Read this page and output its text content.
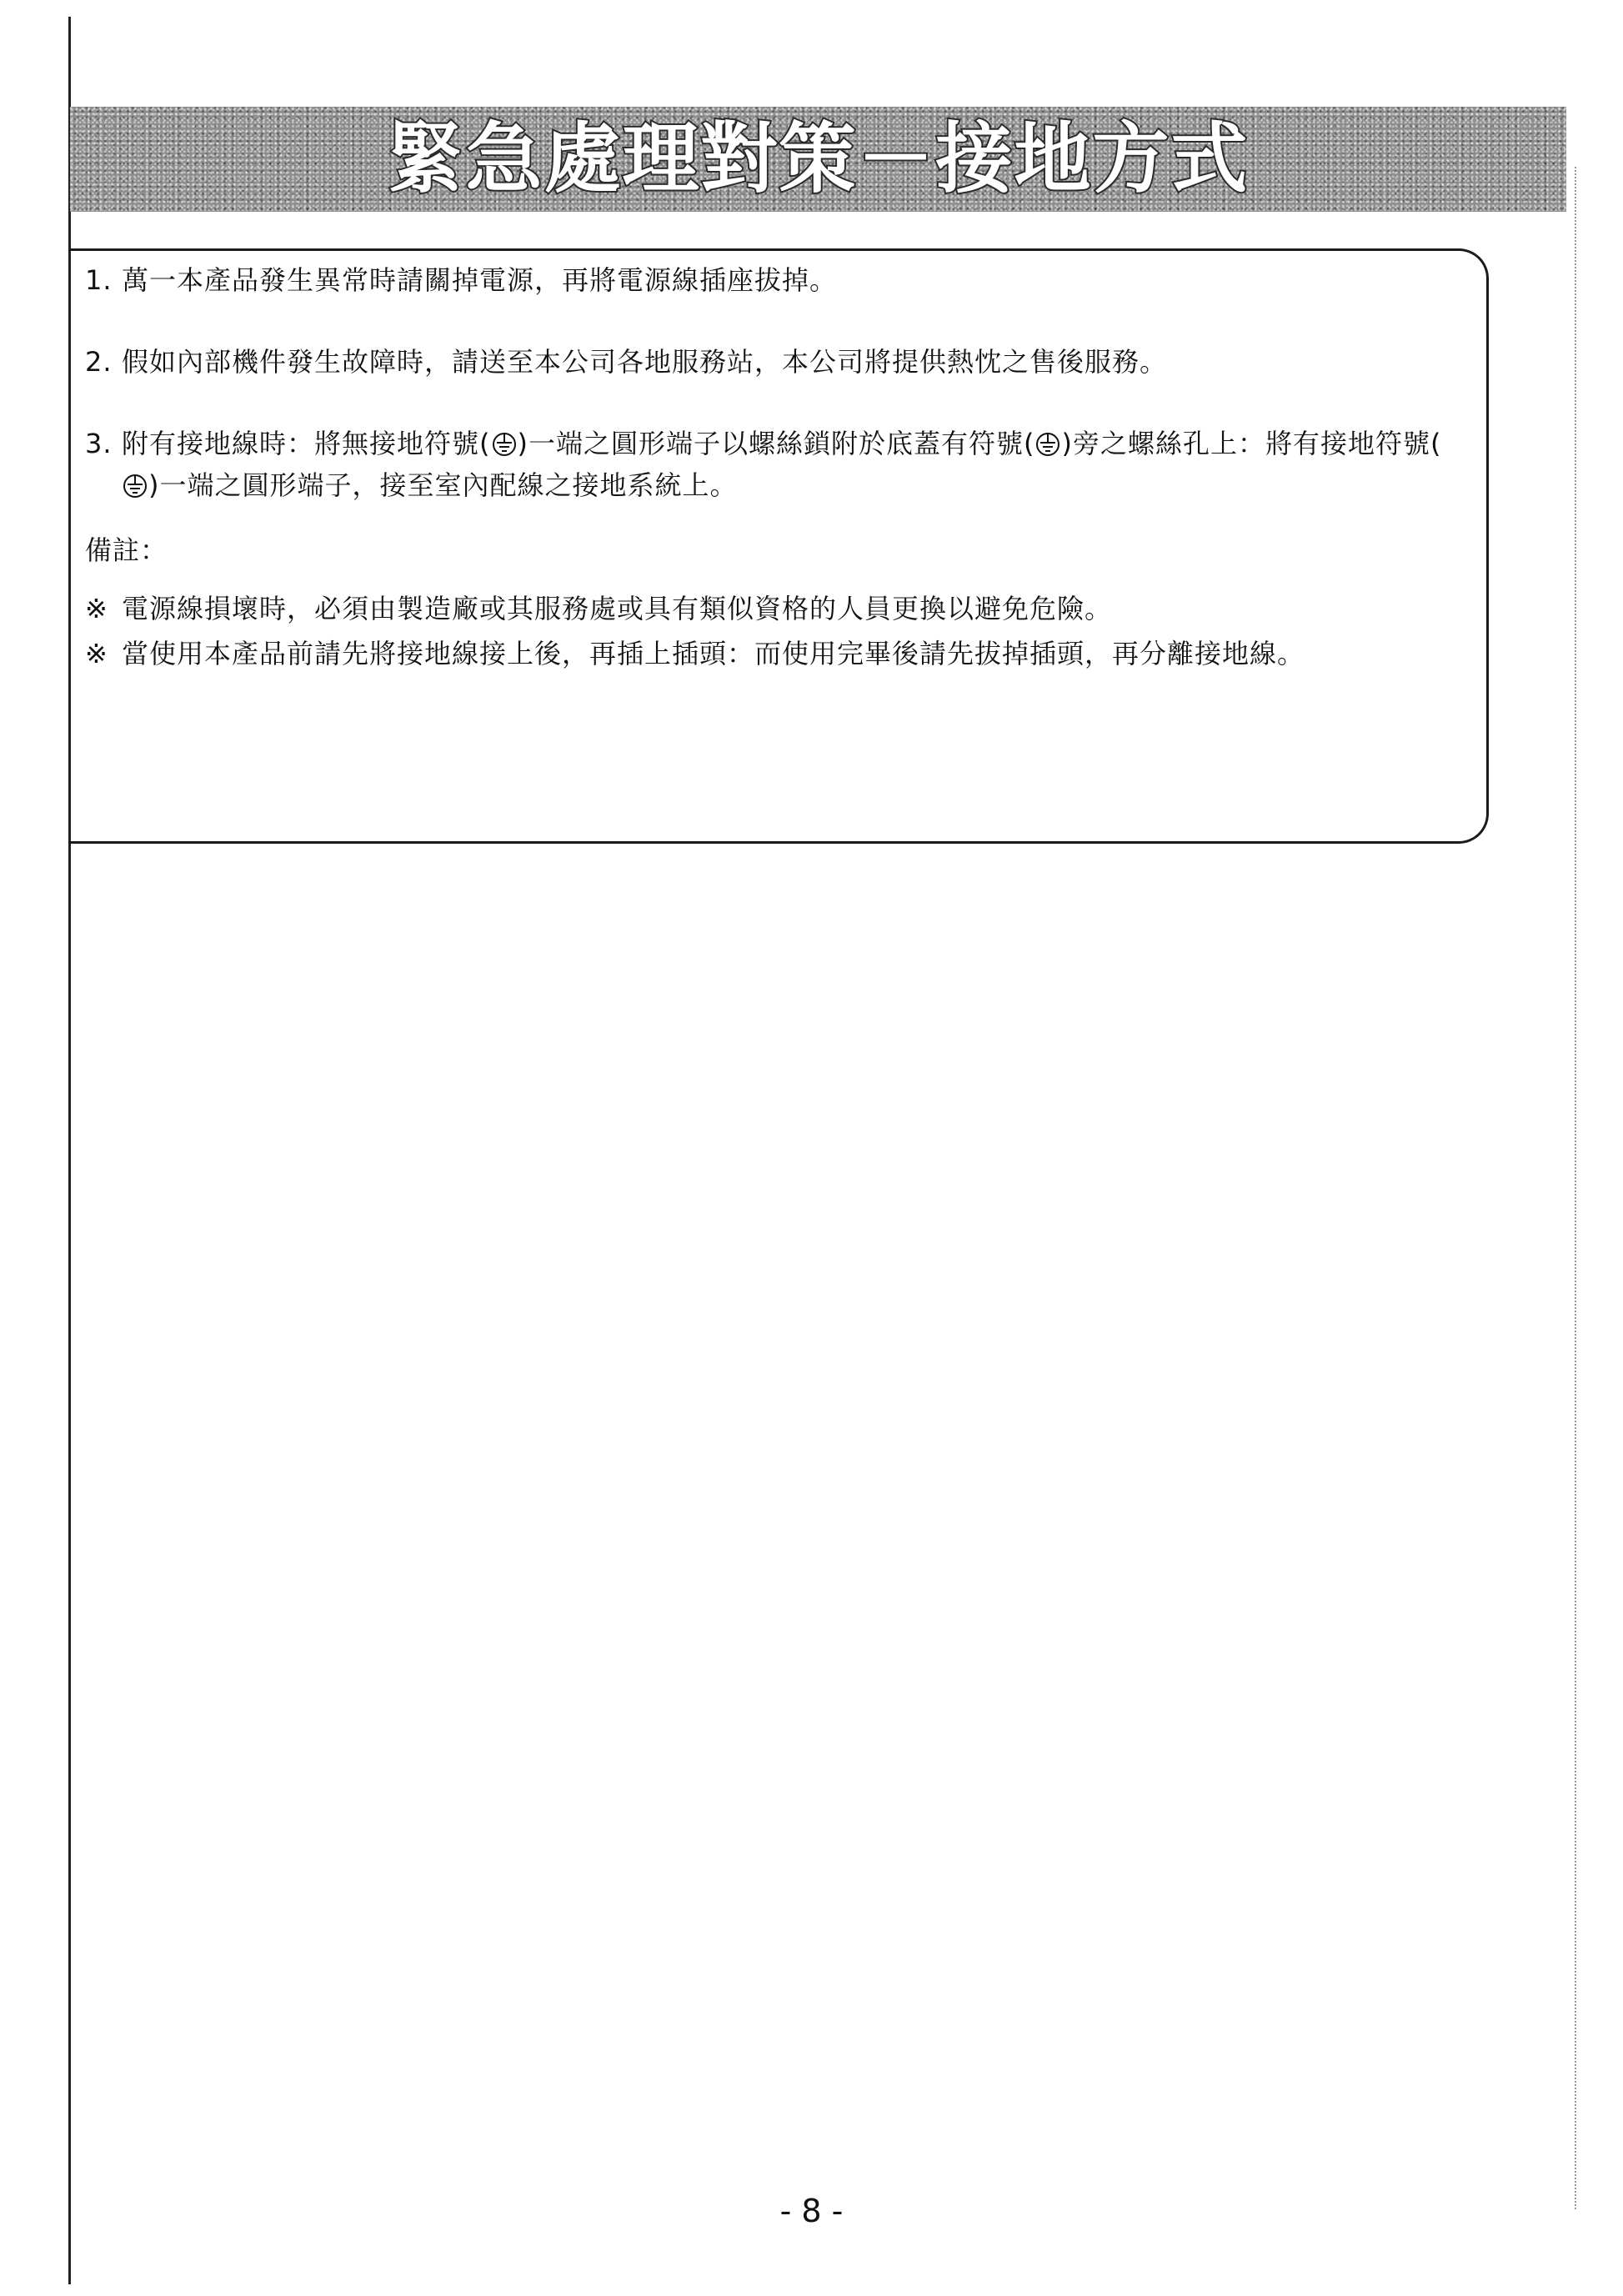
緊急處理對策－接地方式
1. 萬一本產品發生異常時請關掉電源，再將電源線插座拔掉。
2. 假如內部機件發生故障時，請送至本公司各地服務站，本公司將提供熱忱之售後服務。
3. 附有接地線時：將無接地符號( )一端之圓形端子以螺絲鎖附於底蓋有符號( )旁之螺絲孔上：將有接地符號()一端之圓形端子，接至室內配線之接地系統上。
備註：
※ 電源線損壞時，必須由製造廠或其服務處或具有類似資格的人員更換以避免危險。
※ 當使用本產品前請先將接地線接上後，再插上插頭：而使用完畢後請先拔掉插頭，再分離接地線。
- 8 -
